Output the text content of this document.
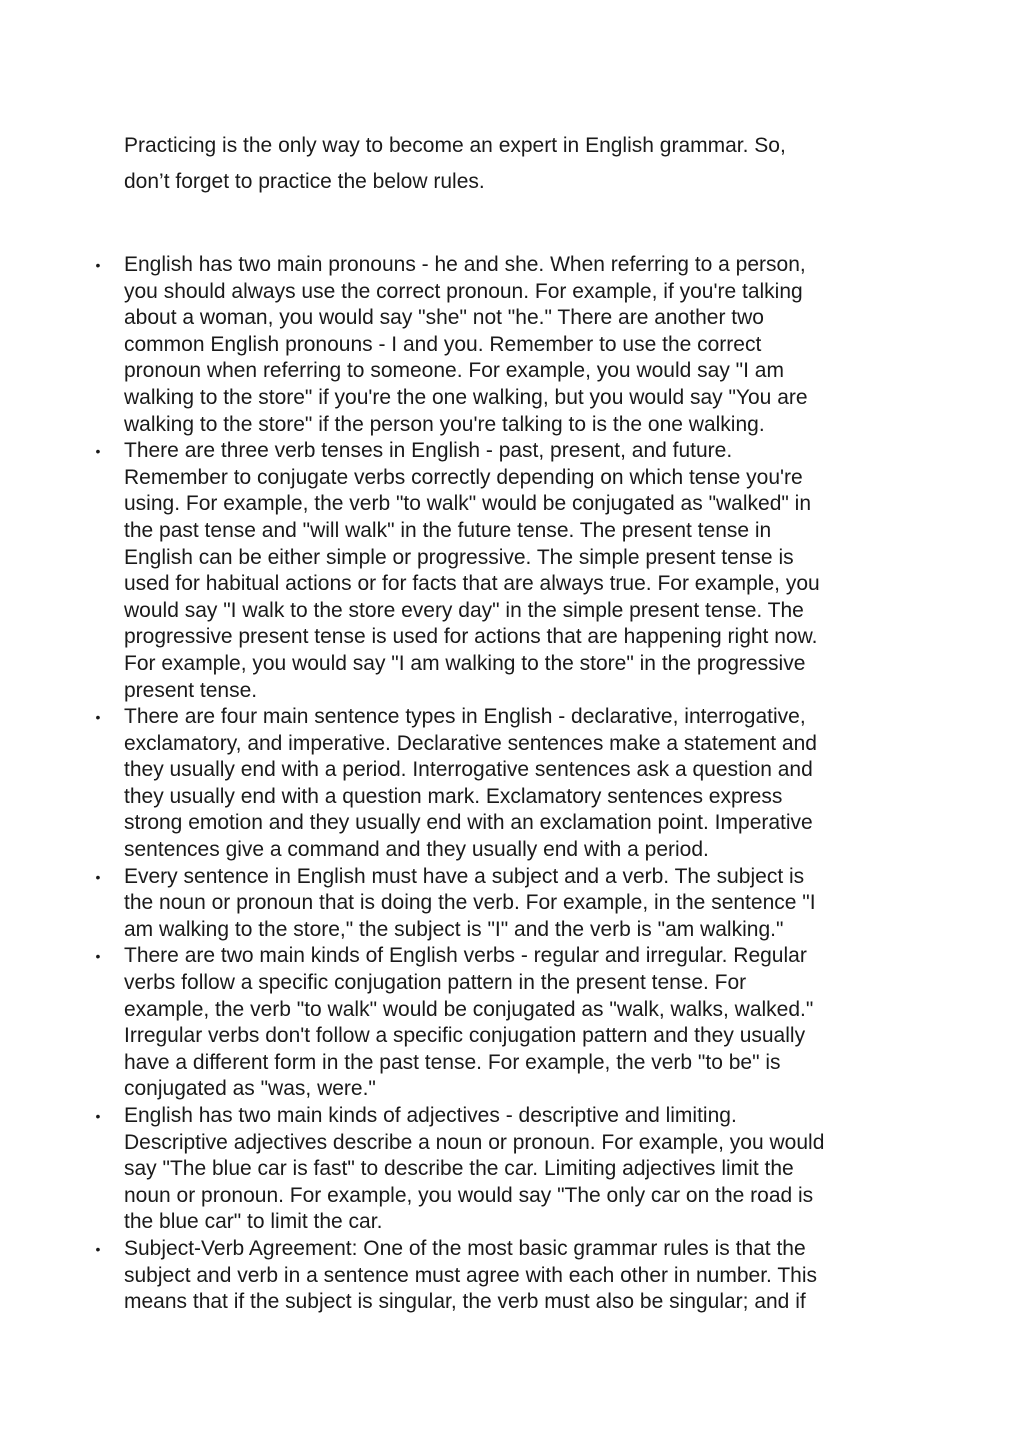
Practicing is the only way to become an expert in English grammar. So,
don’t forget to practice the below rules.

• English has two main pronouns - he and she. When referring to a person,
you should always use the correct pronoun. For example, if you're talking
about a woman, you would say "she" not "he." There are another two
common English pronouns - I and you. Remember to use the correct
pronoun when referring to someone. For example, you would say "I am
walking to the store" if you're the one walking, but you would say "You are
walking to the store" if the person you're talking to is the one walking.
• There are three verb tenses in English - past, present, and future.
Remember to conjugate verbs correctly depending on which tense you're
using. For example, the verb "to walk" would be conjugated as "walked" in
the past tense and "will walk" in the future tense. The present tense in
English can be either simple or progressive. The simple present tense is
used for habitual actions or for facts that are always true. For example, you
would say "I walk to the store every day" in the simple present tense. The
progressive present tense is used for actions that are happening right now.
For example, you would say "I am walking to the store" in the progressive
present tense.
• There are four main sentence types in English - declarative, interrogative,
exclamatory, and imperative. Declarative sentences make a statement and
they usually end with a period. Interrogative sentences ask a question and
they usually end with a question mark. Exclamatory sentences express
strong emotion and they usually end with an exclamation point. Imperative
sentences give a command and they usually end with a period.
• Every sentence in English must have a subject and a verb. The subject is
the noun or pronoun that is doing the verb. For example, in the sentence "I
am walking to the store," the subject is "I" and the verb is "am walking."
• There are two main kinds of English verbs - regular and irregular. Regular
verbs follow a specific conjugation pattern in the present tense. For
example, the verb "to walk" would be conjugated as "walk, walks, walked."
Irregular verbs don't follow a specific conjugation pattern and they usually
have a different form in the past tense. For example, the verb "to be" is
conjugated as "was, were."
• English has two main kinds of adjectives - descriptive and limiting.
Descriptive adjectives describe a noun or pronoun. For example, you would
say "The blue car is fast" to describe the car. Limiting adjectives limit the
noun or pronoun. For example, you would say "The only car on the road is
the blue car" to limit the car.
• Subject-Verb Agreement: One of the most basic grammar rules is that the
subject and verb in a sentence must agree with each other in number. This
means that if the subject is singular, the verb must also be singular; and if
